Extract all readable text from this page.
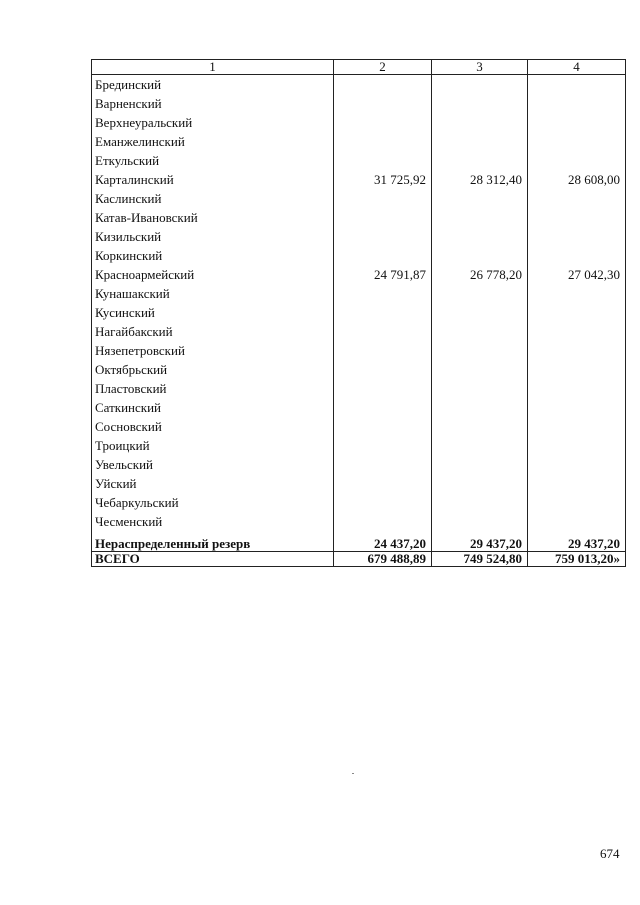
1	2	3	4
Брединский			
Варненский			
Верхнеуральский			
Еманжелинский			
Еткульский			
Карталинский	31 725,92	28 312,40	28 608,00
Каслинский			
Катав-Ивановский			
Кизильский			
Коркинский			
Красноармейский	24 791,87	26 778,20	27 042,30
Кунашакский			
Кусинский			
Нагайбакский			
Нязепетровский			
Октябрьский			
Пластовский			
Саткинский			
Сосновский			
Троицкий			
Увельский			
Уйский			
Чебаркульский			
Чесменский			
Нераспределенный резерв	24 437,20	29 437,20	29 437,20
ВСЕГО	679 488,89	749 524,80	759 013,20»
674
